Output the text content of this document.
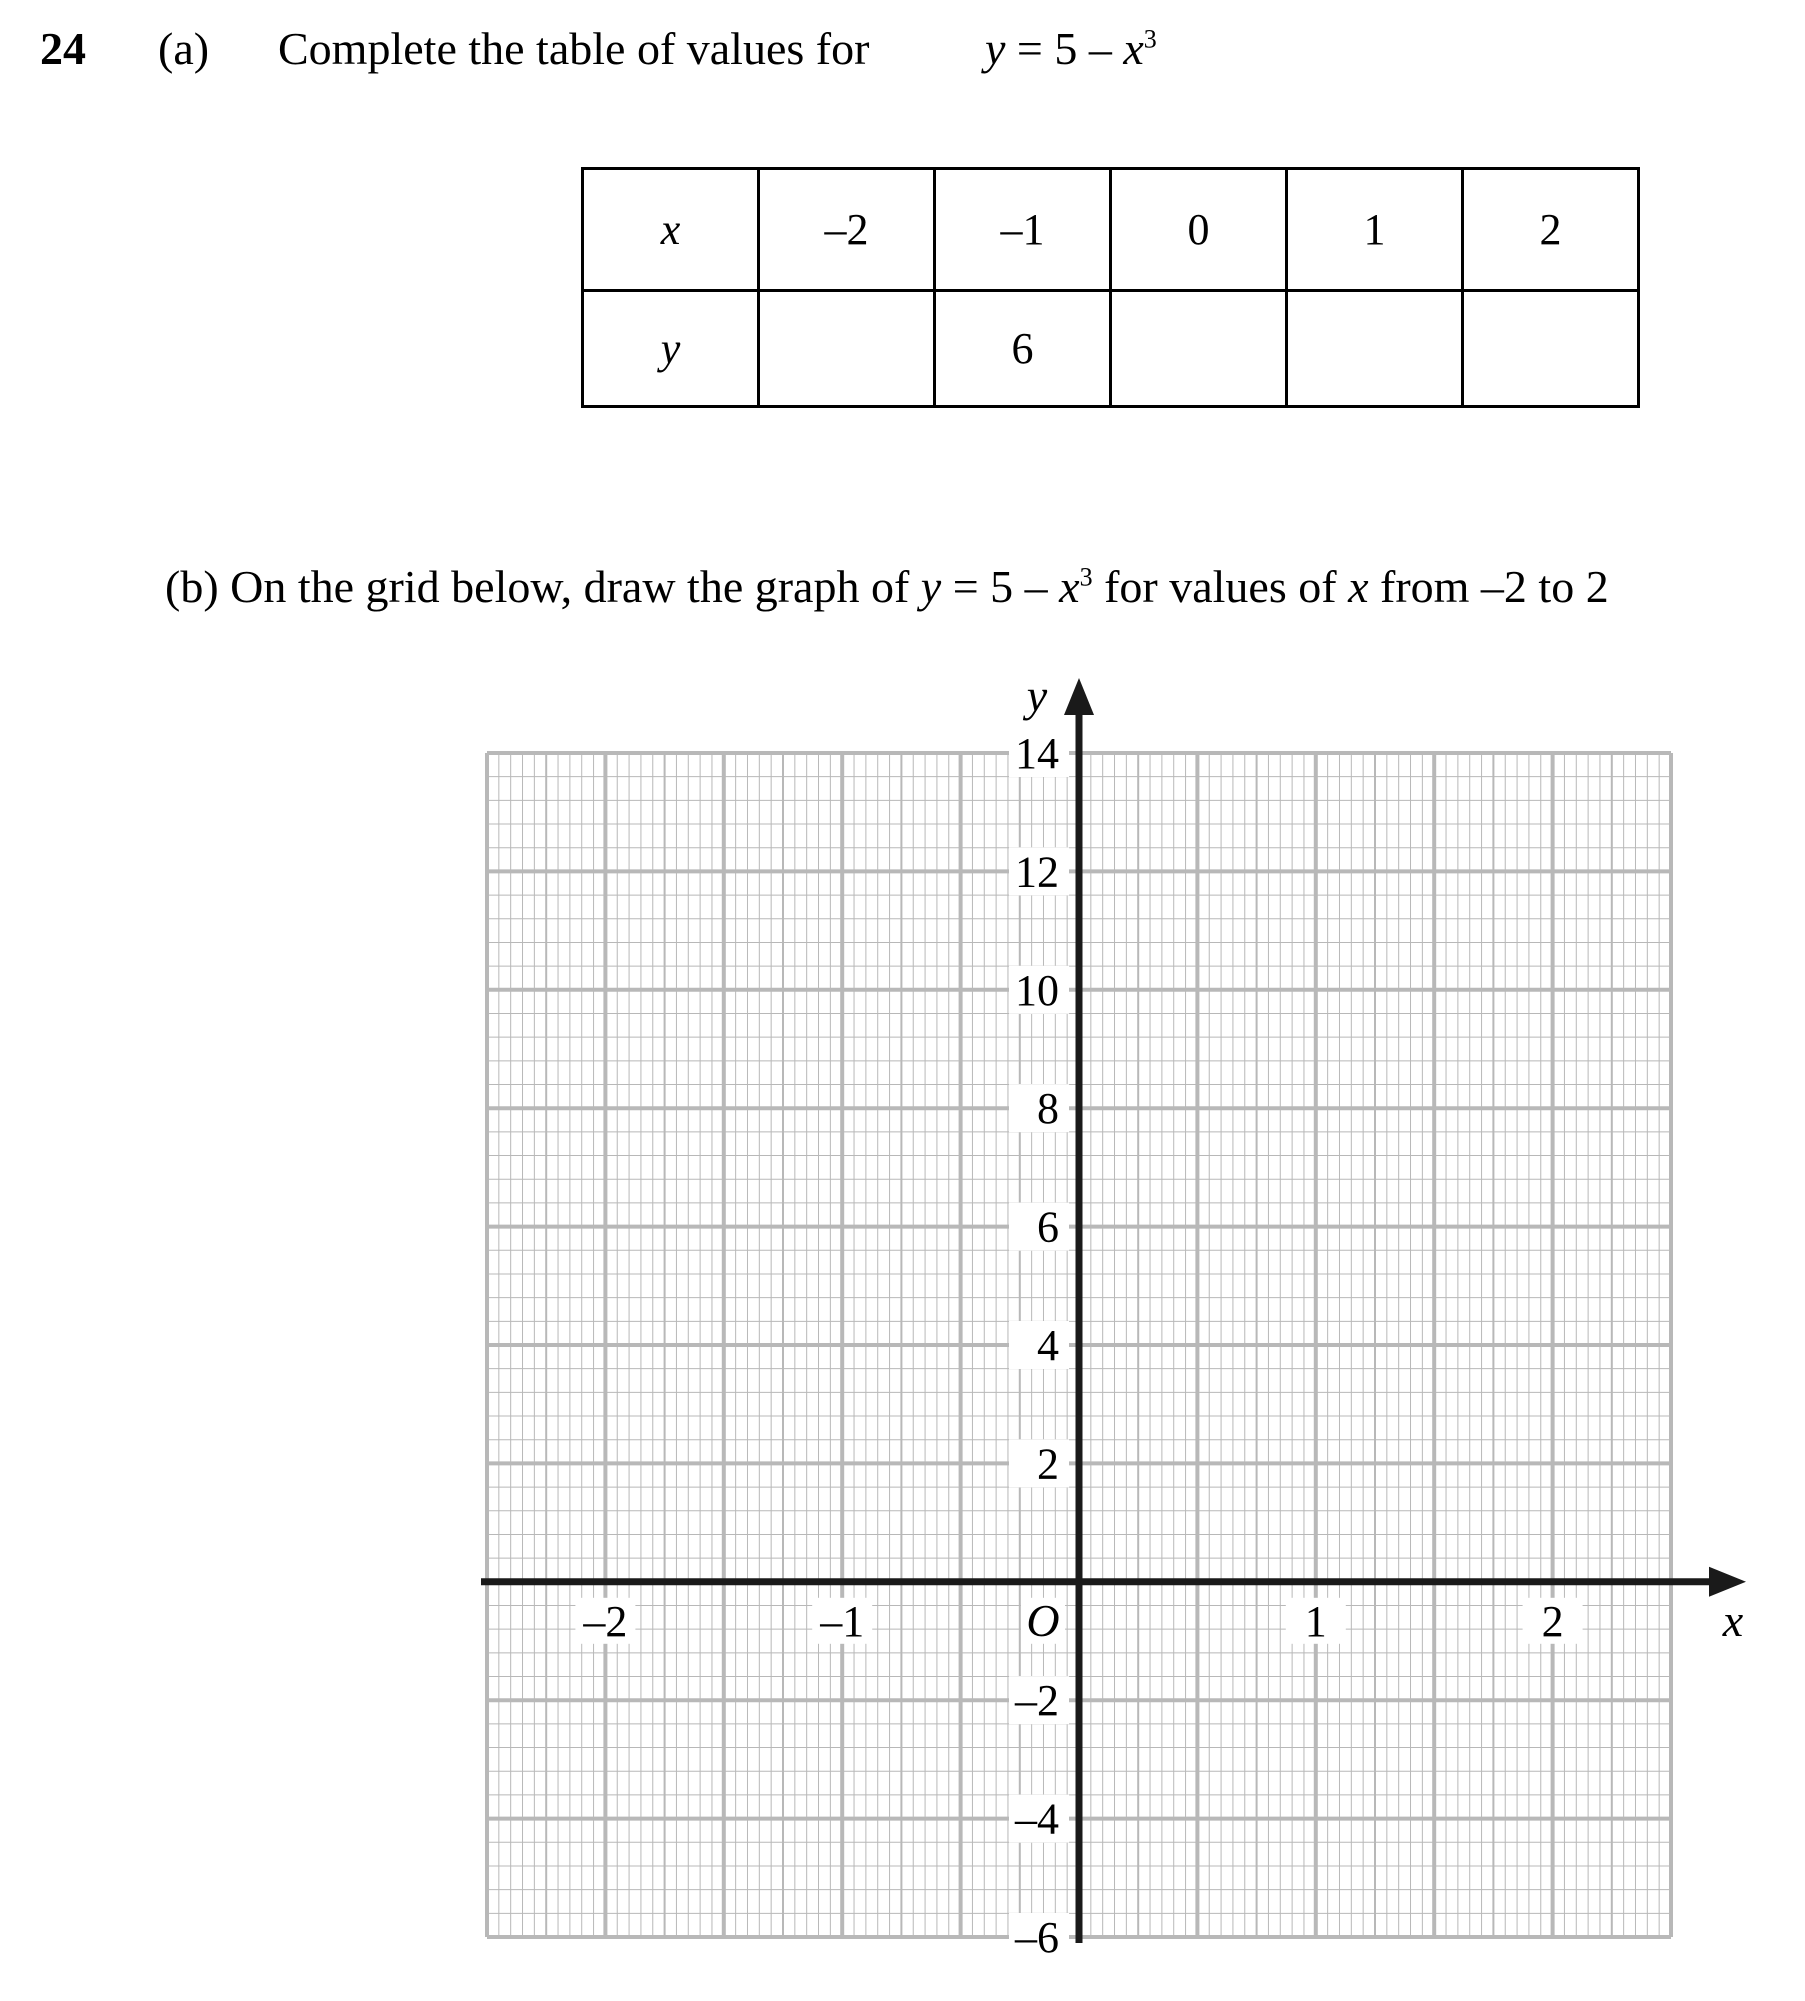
24 (a) Complete the table of values for	$y = 5 - x^3$
x	–2	–1	0	1	2
y		6			
(b) On the grid below, draw the graph of $y = 5 - x^3$ for values of x from –2 to 2
14
12
10
8
6
4
2
–2
–4
–6
–2	–1	1	2
O
y
x
